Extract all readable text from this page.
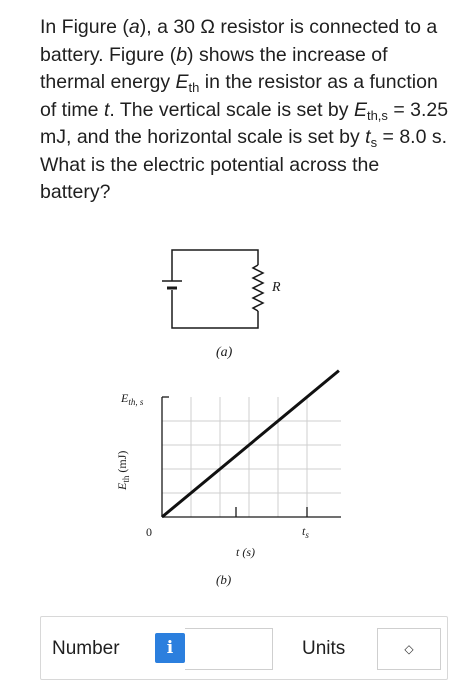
In Figure (a), a 30 Ω resistor is connected to a battery. Figure (b) shows the increase of thermal energy $E_{th}$ in the resistor as a function of time t. The vertical scale is set by $E_{th,s} = 3.25$ mJ, and the horizontal scale is set by $t_s = 8.0$ s. What is the electric potential across the battery?
R
(a)
$E_{th, s}$
$E_{th}$ (mJ)
0	$t_s$
t (s)
(b)
Number	i	Units	◇
